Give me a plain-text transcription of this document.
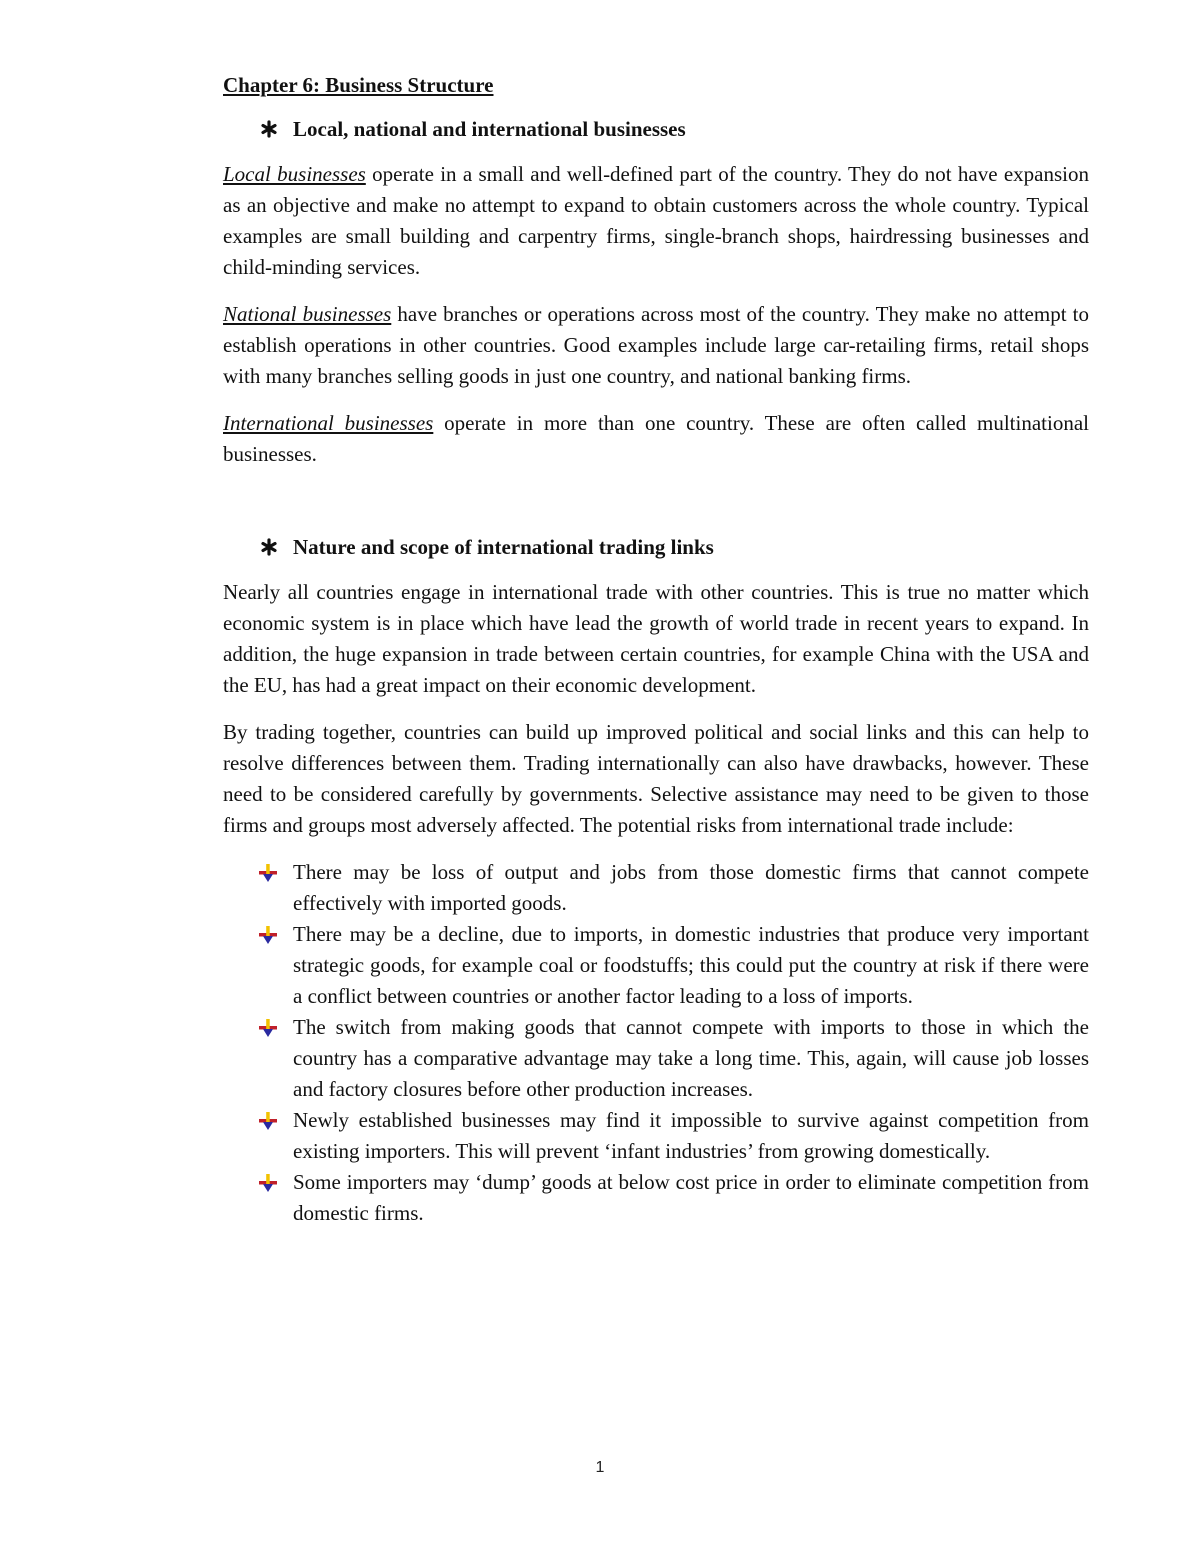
Chapter 6: Business Structure
Local, national and international businesses

Local businesses operate in a small and well-defined part of the country. They do not have expansion as an objective and make no attempt to expand to obtain customers across the whole country. Typical examples are small building and carpentry firms, single-branch shops, hairdressing businesses and child-minding services.

National businesses have branches or operations across most of the country. They make no attempt to establish operations in other countries. Good examples include large car-retailing firms, retail shops with many branches selling goods in just one country, and national banking firms.

International businesses operate in more than one country. These are often called multinational businesses.

Nature and scope of international trading links

Nearly all countries engage in international trade with other countries. This is true no matter which economic system is in place which have lead the growth of world trade in recent years to expand. In addition, the huge expansion in trade between certain countries, for example China with the USA and the EU, has had a great impact on their economic development.

By trading together, countries can build up improved political and social links and this can help to resolve differences between them. Trading internationally can also have drawbacks, however. These need to be considered carefully by governments. Selective assistance may need to be given to those firms and groups most adversely affected. The potential risks from international trade include:

There may be loss of output and jobs from those domestic firms that cannot compete effectively with imported goods.
There may be a decline, due to imports, in domestic industries that produce very important strategic goods, for example coal or foodstuffs; this could put the country at risk if there were a conflict between countries or another factor leading to a loss of imports.
The switch from making goods that cannot compete with imports to those in which the country has a comparative advantage may take a long time. This, again, will cause job losses and factory closures before other production increases.
Newly established businesses may find it impossible to survive against competition from existing importers. This will prevent ‘infant industries’ from growing domestically.
Some importers may ‘dump’ goods at below cost price in order to eliminate competition from domestic firms.
1
